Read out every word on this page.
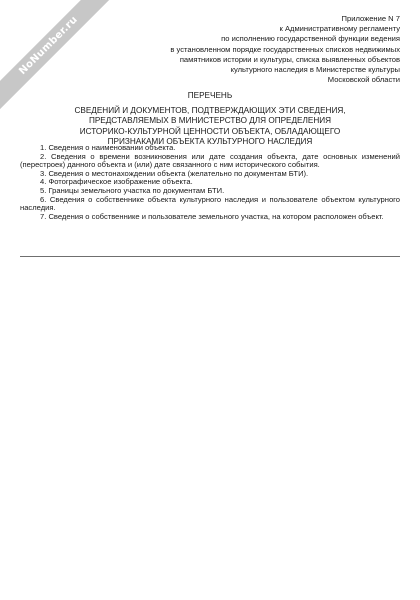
NoNumber.ru	Приложение N 7
к Административному регламенту
по исполнению государственной функции ведения
в установленном порядке государственных списков недвижимых
памятников истории и культуры, списка выявленных объектов
культурного наследия в Министерстве культуры
Московской области
ПЕРЕЧЕНЬ
СВЕДЕНИЙ И ДОКУМЕНТОВ, ПОДТВЕРЖДАЮЩИХ ЭТИ СВЕДЕНИЯ,
ПРЕДСТАВЛЯЕМЫХ В МИНИСТЕРСТВО ДЛЯ ОПРЕДЕЛЕНИЯ
ИСТОРИКО-КУЛЬТУРНОЙ ЦЕННОСТИ ОБЪЕКТА, ОБЛАДАЮЩЕГО
ПРИЗНАКАМИ ОБЪЕКТА КУЛЬТУРНОГО НАСЛЕДИЯ
1. Сведения о наименовании объекта.
2. Сведения о времени возникновения или дате создания объекта, дате основных изменений (перестроек) данного объекта и (или) дате связанного с ним исторического события.
3. Сведения о местонахождении объекта (желательно по документам БТИ).
4. Фотографическое изображение объекта.
5. Границы земельного участка по документам БТИ.
6. Сведения о собственнике объекта культурного наследия и пользователе объектом культурного наследия.
7. Сведения о собственнике и пользователе земельного участка, на котором расположен объект.
